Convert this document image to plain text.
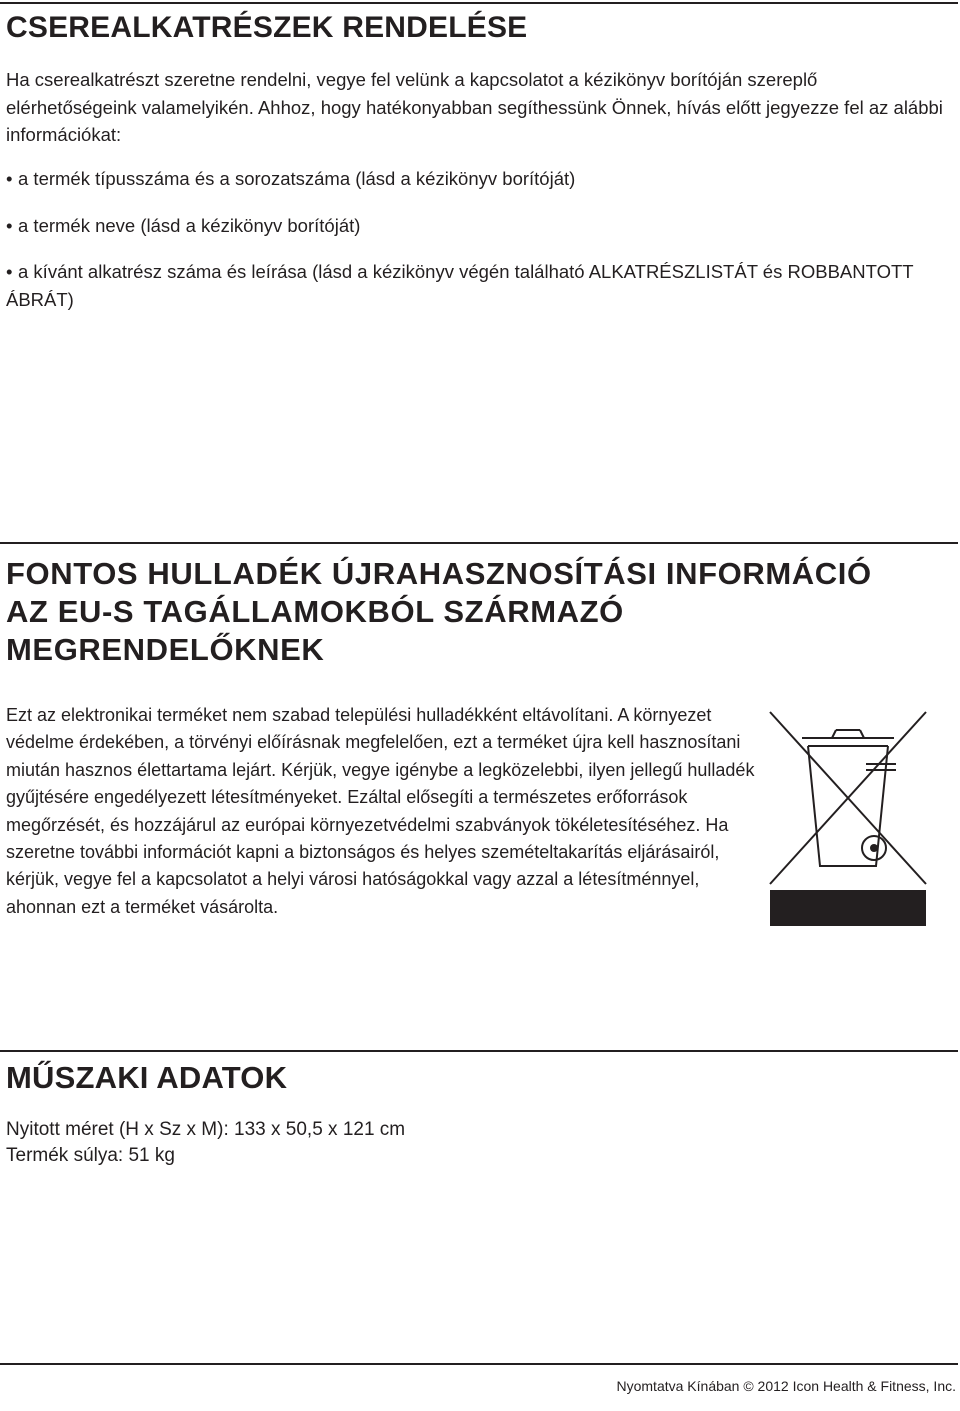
CSEREALKATRÉSZEK RENDELÉSE

Ha cserealkatrészt szeretne rendelni, vegye fel velünk a kapcsolatot a kézikönyv borítóján szereplő elérhetőségeink valamelyikén. Ahhoz, hogy hatékonyabban segíthessünk Önnek, hívás előtt jegyezze fel az alábbi információkat:

• a termék típusszáma és a sorozatszáma (lásd a kézikönyv borítóját)
• a termék neve (lásd a kézikönyv borítóját)
• a kívánt alkatrész száma és leírása (lásd a kézikönyv végén található ALKATRÉSZLISTÁT és ROBBANTOTT ÁBRÁT)
FONTOS HULLADÉK ÚJRAHASZNOSÍTÁSI INFORMÁCIÓ AZ EU-S TAGÁLLAMOKBÓL SZÁRMAZÓ MEGRENDELŐKNEK

Ezt az elektronikai terméket nem szabad települési hulladékként eltávolítani. A környezet védelme érdekében, a törvényi előírásnak megfelelően, ezt a terméket újra kell hasznosítani miután hasznos élettartama lejárt. Kérjük, vegye igénybe a legközelebbi, ilyen jellegű hulladék gyűjtésére engedélyezett létesítményeket. Ezáltal elősegíti a természetes erőforrások megőrzését, és hozzájárul az európai környezetvédelmi szabványok tökéletesítéséhez. Ha szeretne további információt kapni a biztonságos és helyes szemételtakarítás eljárásairól, kérjük, vegye fel a kapcsolatot a helyi városi hatóságokkal vagy azzal a létesítménnyel, ahonnan ezt a terméket vásárolta.

MŰSZAKI ADATOK
Nyitott méret (H x Sz x M): 133 x 50,5 x 121 cm
Termék súlya: 51 kg
Nyomtatva Kínában © 2012 Icon Health & Fitness, Inc.
